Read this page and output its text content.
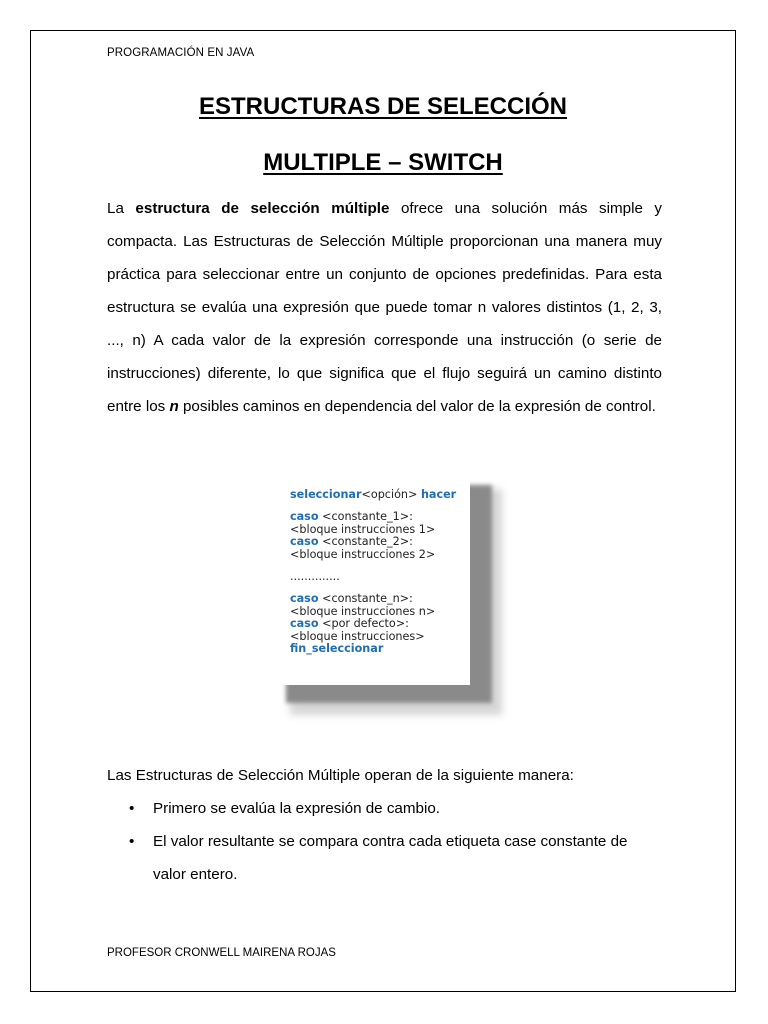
PROGRAMACIÓN EN JAVA
ESTRUCTURAS DE SELECCIÓN
MULTIPLE – SWITCH
La estructura de selección múltiple ofrece una solución más simple y compacta. Las Estructuras de Selección Múltiple proporcionan una manera muy práctica para seleccionar entre un conjunto de opciones predefinidas. Para esta estructura se evalúa una expresión que puede tomar n valores distintos (1, 2, 3, ..., n) A cada valor de la expresión corresponde una instrucción (o serie de instrucciones) diferente, lo que significa que el flujo seguirá un camino distinto entre los n posibles caminos en dependencia del valor de la expresión de control.
seleccionar<opción> hacer
caso <constante_1>:
<bloque instrucciones 1>
caso <constante_2>:
<bloque instrucciones 2>
..............
caso <constante_n>:
<bloque instrucciones n>
caso <por defecto>:
<bloque instrucciones>
fin_seleccionar
Las Estructuras de Selección Múltiple operan de la siguiente manera:
• Primero se evalúa la expresión de cambio.
• El valor resultante se compara contra cada etiqueta case constante de valor entero.
PROFESOR CRONWELL MAIRENA ROJAS
